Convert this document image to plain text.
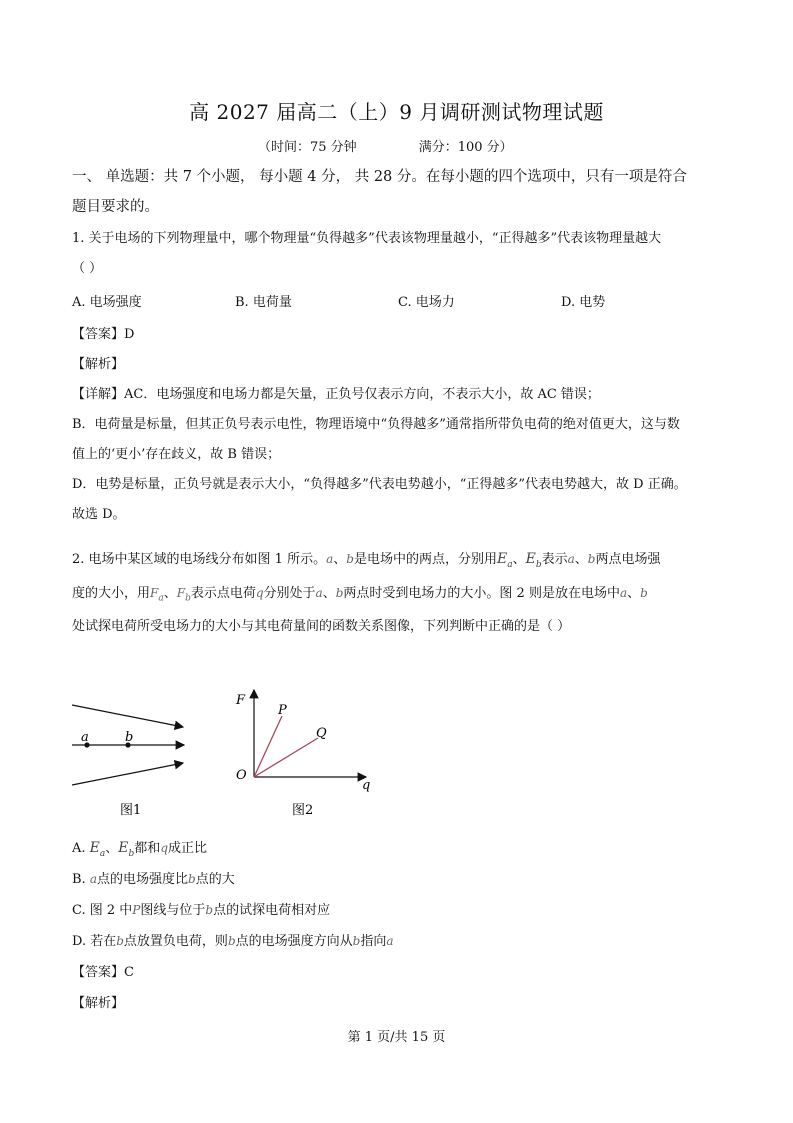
高 2027 届高二（上）9 月调研测试物理试题
（时间：75 分钟	满分：100 分）
一、 单选题：共 7 个小题， 每小题 4 分， 共 28 分。在每小题的四个选项中，只有一项是符合
题目要求的。
1. 关于电场的下列物理量中，哪个物理量“负得越多”代表该物理量越小，“正得越多”代表该物理量越大
（ ）
A. 电场强度	B. 电荷量	C. 电场力	D. 电势
【答案】D
【解析】
【详解】AC．电场强度和电场力都是矢量，正负号仅表示方向，不表示大小，故 AC 错误；
B．电荷量是标量，但其正负号表示电性，物理语境中“负得越多”通常指所带负电荷的绝对值更大，这与数
值上的‘更小’存在歧义，故 B 错误；
D．电势是标量，正负号就是表示大小，“负得越多”代表电势越小，“正得越多”代表电势越大，故 D 正确。
故选 D。
2. 电场中某区域的电场线分布如图 1 所示。a、b是电场中的两点，分别用$E_a$、$E_b$表示a、b两点电场强
度的大小，用$F_a$、$F_b$表示点电荷q分别处于a、b两点时受到电场力的大小。图 2 则是放在电场中a、b
处试探电荷所受电场力的大小与其电荷量间的函数关系图像，下列判断中正确的是（ ）
a	b
图1
F
q
O
P
Q
图2
A. $E_a$、$E_b$都和q成正比
B. a点的电场强度比b点的大
C. 图 2 中P图线与位于b点的试探电荷相对应
D. 若在b点放置负电荷，则b点的电场强度方向从b指向a
【答案】C
【解析】
第 1 页/共 15 页
